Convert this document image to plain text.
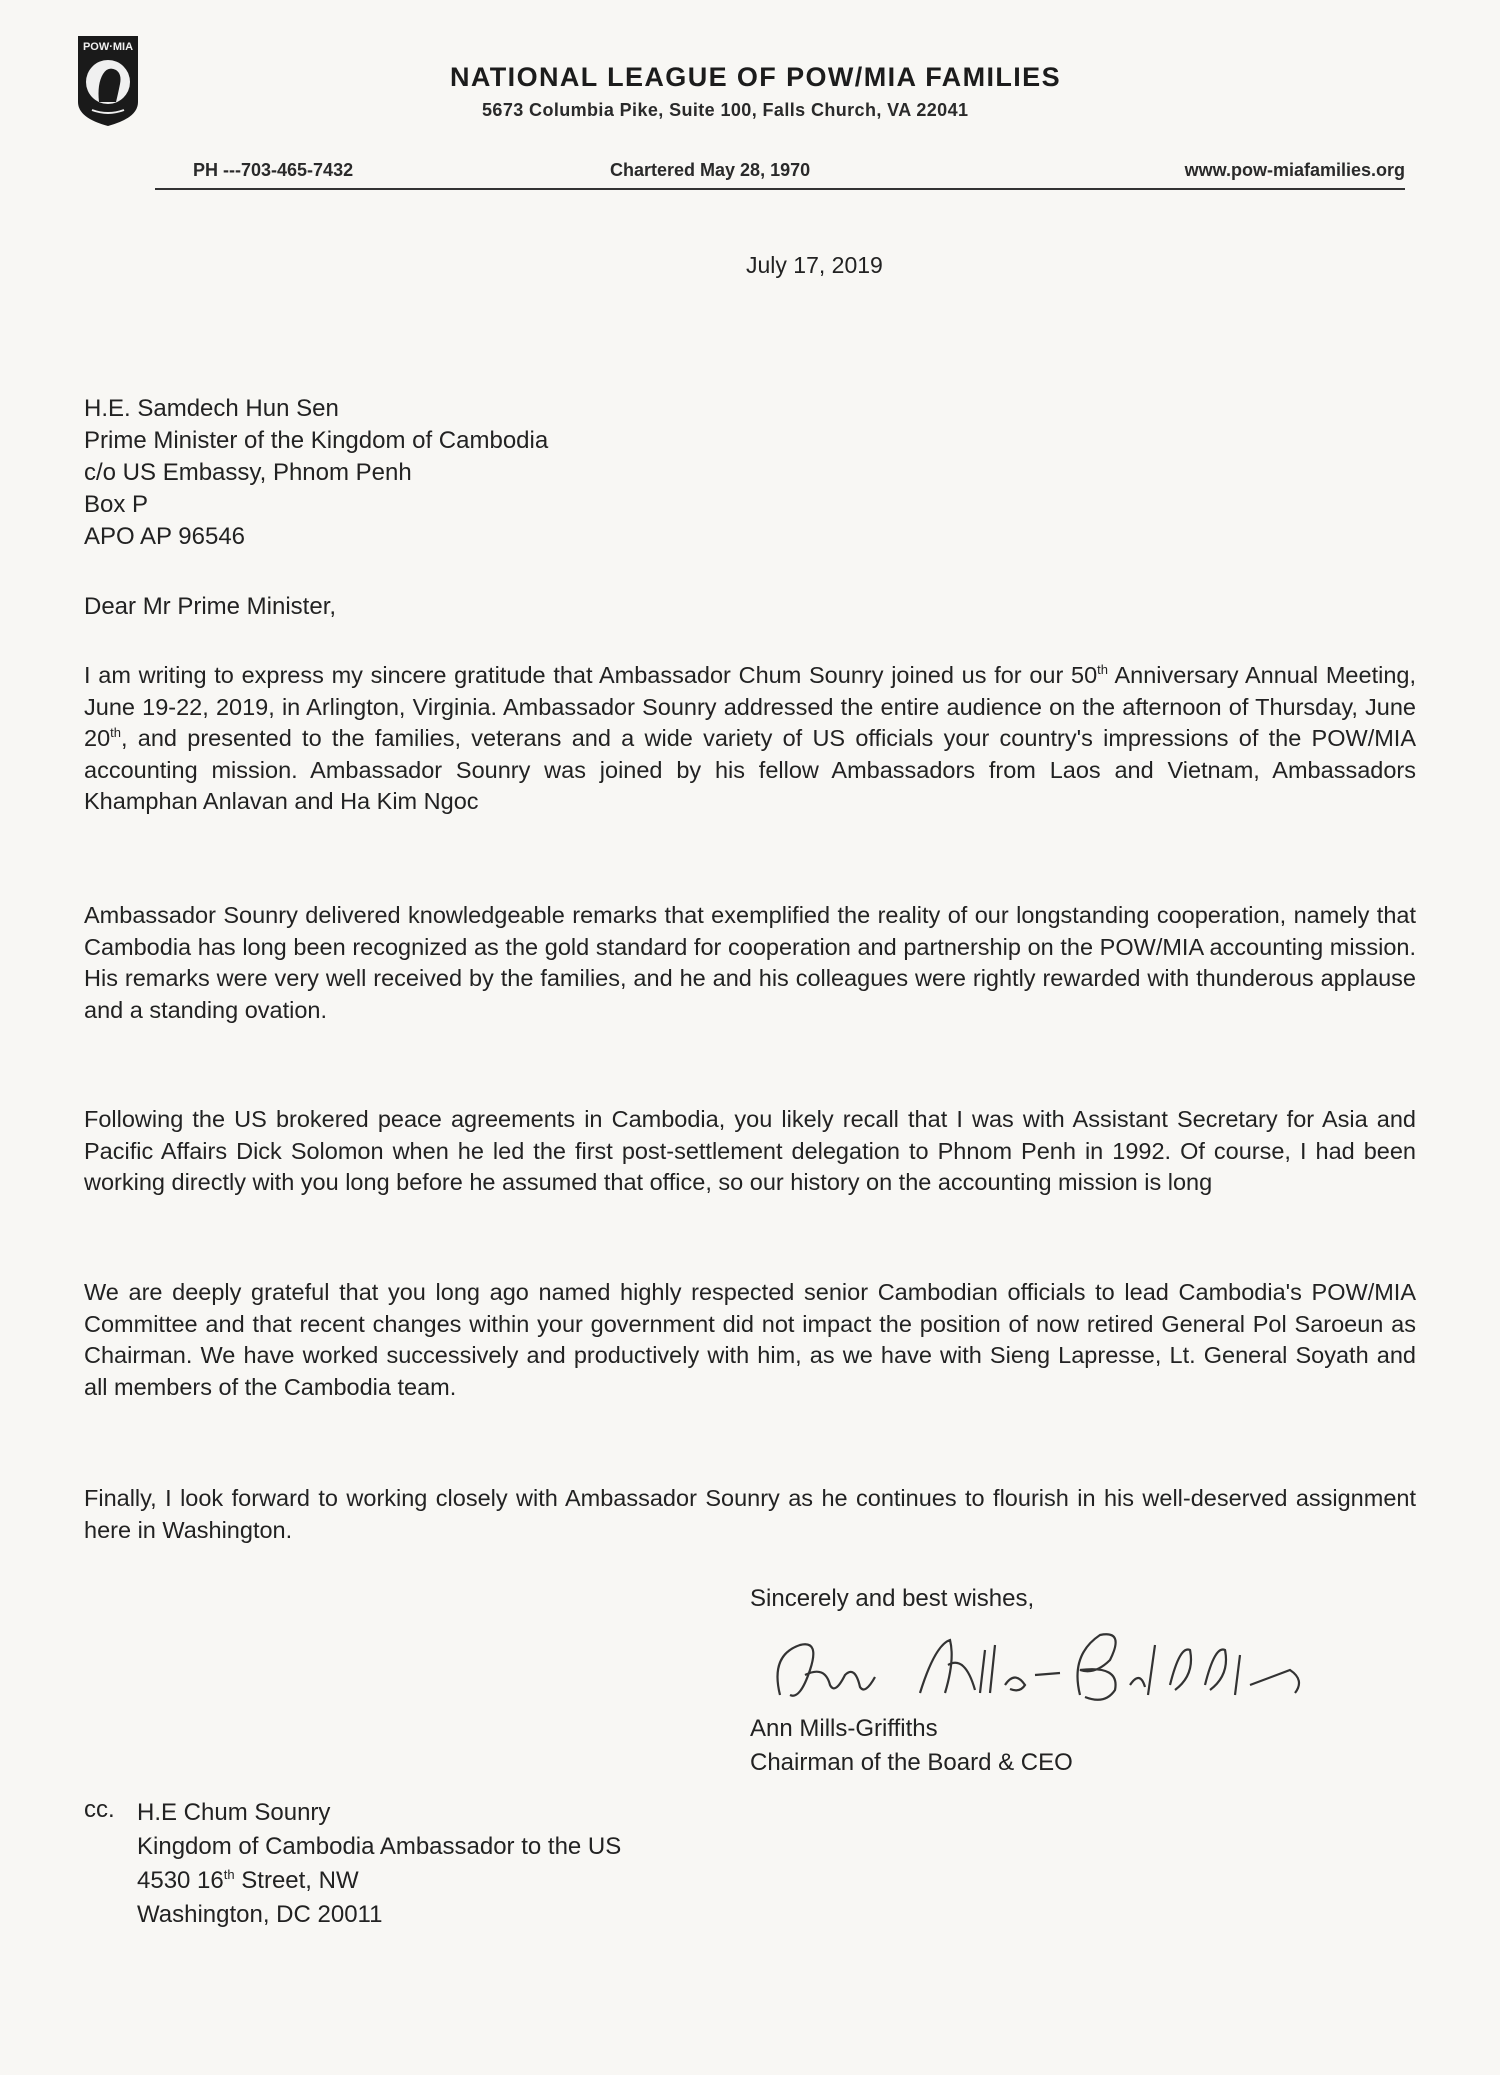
POW·MIA
NATIONAL LEAGUE OF POW/MIA FAMILIES
5673 Columbia Pike, Suite 100, Falls Church, VA 22041
PH ---703-465-7432	Chartered May 28, 1970	www.pow-miafamilies.org
July 17, 2019
H.E. Samdech Hun Sen
Prime Minister of the Kingdom of Cambodia
c/o US Embassy, Phnom Penh
Box P
APO AP 96546
Dear Mr Prime Minister,
I am writing to express my sincere gratitude that Ambassador Chum Sounry joined us for our 50th Anniversary Annual Meeting, June 19-22, 2019, in Arlington, Virginia. Ambassador Sounry addressed the entire audience on the afternoon of Thursday, June 20th, and presented to the families, veterans and a wide variety of US officials your country's impressions of the POW/MIA accounting mission. Ambassador Sounry was joined by his fellow Ambassadors from Laos and Vietnam, Ambassadors Khamphan Anlavan and Ha Kim Ngoc
Ambassador Sounry delivered knowledgeable remarks that exemplified the reality of our longstanding cooperation, namely that Cambodia has long been recognized as the gold standard for cooperation and partnership on the POW/MIA accounting mission. His remarks were very well received by the families, and he and his colleagues were rightly rewarded with thunderous applause and a standing ovation.
Following the US brokered peace agreements in Cambodia, you likely recall that I was with Assistant Secretary for Asia and Pacific Affairs Dick Solomon when he led the first post-settlement delegation to Phnom Penh in 1992. Of course, I had been working directly with you long before he assumed that office, so our history on the accounting mission is long
We are deeply grateful that you long ago named highly respected senior Cambodian officials to lead Cambodia's POW/MIA Committee and that recent changes within your government did not impact the position of now retired General Pol Saroeun as Chairman. We have worked successively and productively with him, as we have with Sieng Lapresse, Lt. General Soyath and all members of the Cambodia team.
Finally, I look forward to working closely with Ambassador Sounry as he continues to flourish in his well-deserved assignment here in Washington.
Sincerely and best wishes,
Ann Mills-Griffiths
Chairman of the Board & CEO
cc. H.E Chum Sounry
Kingdom of Cambodia Ambassador to the US
4530 16th Street, NW
Washington, DC 20011
